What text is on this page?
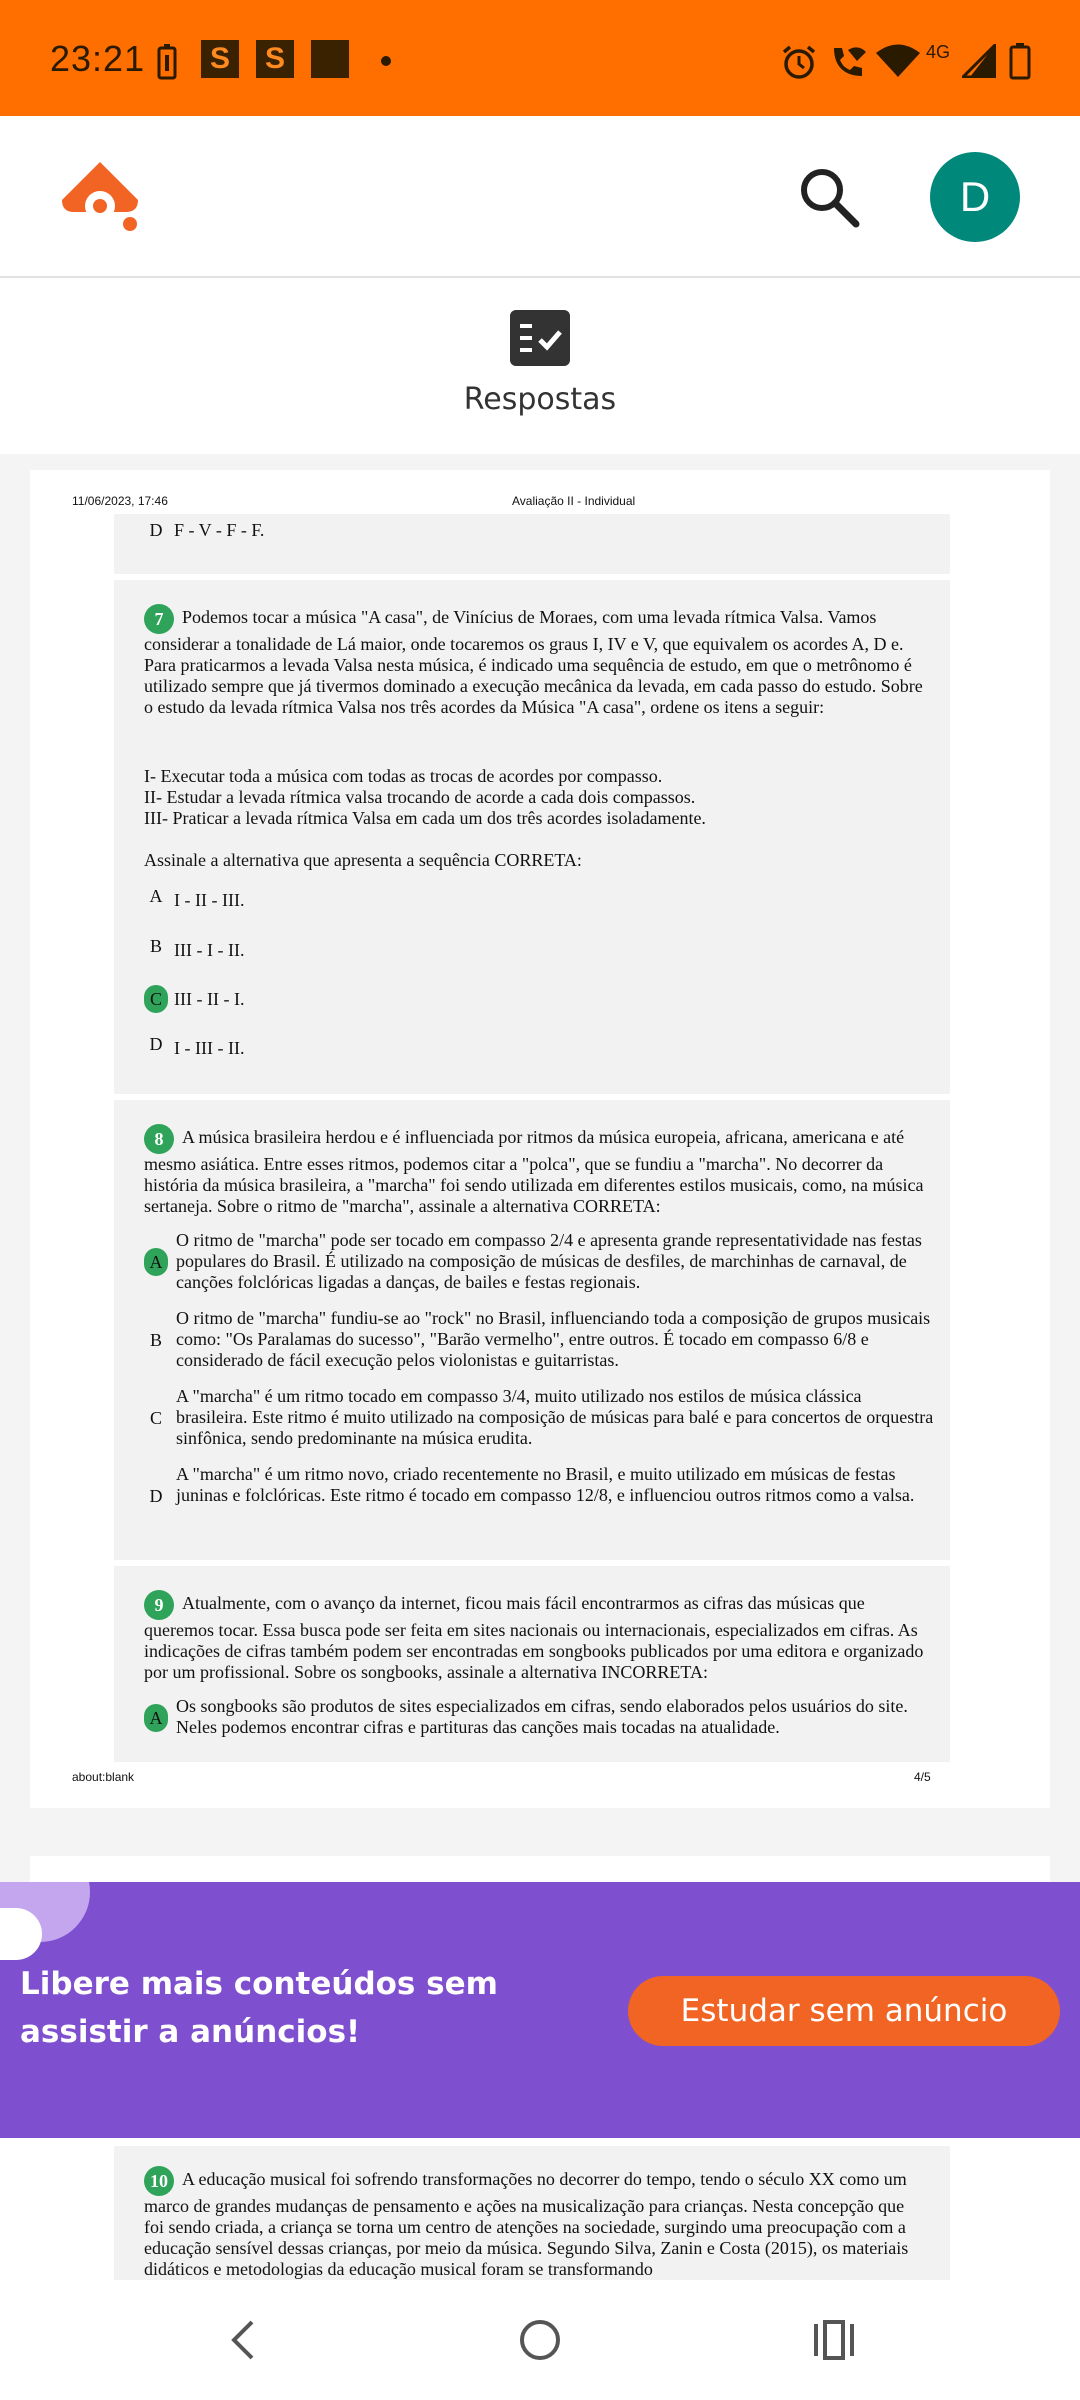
23:21 S	S	4G
D
Respostas
11/06/2023, 17:46	Avaliação II - Individual
D F - V - F - F.
7 Podemos tocar a música "A casa", de Vinícius de Moraes, com uma levada rítmica Valsa. Vamos considerar a tonalidade de Lá maior, onde tocaremos os graus I, IV e V, que equivalem os acordes A, D e. Para praticarmos a levada Valsa nesta música, é indicado uma sequência de estudo, em que o metrônomo é utilizado sempre que já tivermos dominado a execução mecânica da levada, em cada passo do estudo. Sobre o estudo da levada rítmica Valsa nos três acordes da Música "A casa", ordene os itens a seguir:
I- Executar toda a música com todas as trocas de acordes por compasso.
II- Estudar a levada rítmica valsa trocando de acorde a cada dois compassos.
III- Praticar a levada rítmica Valsa em cada um dos três acordes isoladamente.
Assinale a alternativa que apresenta a sequência CORRETA:
A I - II - III.
B III - I - II.
C III - II - I.
D I - III - II.
8 A música brasileira herdou e é influenciada por ritmos da música europeia, africana, americana e até mesmo asiática. Entre esses ritmos, podemos citar a "polca", que se fundiu a "marcha". No decorrer da história da música brasileira, a "marcha" foi sendo utilizada em diferentes estilos musicais, como, na música sertaneja. Sobre o ritmo de "marcha", assinale a alternativa CORRETA:
A
O ritmo de "marcha" pode ser tocado em compasso 2/4 e apresenta grande representatividade nas festas populares do Brasil. É utilizado na composição de músicas de desfiles, de marchinhas de carnaval, de canções folclóricas ligadas a danças, de bailes e festas regionais.
B
O ritmo de "marcha" fundiu-se ao "rock" no Brasil, influenciando toda a composição de grupos musicais como: "Os Paralamas do sucesso", "Barão vermelho", entre outros. É tocado em compasso 6/8 e considerado de fácil execução pelos violonistas e guitarristas.
C
A "marcha" é um ritmo tocado em compasso 3/4, muito utilizado nos estilos de música clássica brasileira. Este ritmo é muito utilizado na composição de músicas para balé e para concertos de orquestra sinfônica, sendo predominante na música erudita.
D
A "marcha" é um ritmo novo, criado recentemente no Brasil, e muito utilizado em músicas de festas juninas e folclóricas. Este ritmo é tocado em compasso 12/8, e influenciou outros ritmos como a valsa.
9 Atualmente, com o avanço da internet, ficou mais fácil encontrarmos as cifras das músicas que queremos tocar. Essa busca pode ser feita em sites nacionais ou internacionais, especializados em cifras. As indicações de cifras também podem ser encontradas em songbooks publicados por uma editora e organizado por um profissional. Sobre os songbooks, assinale a alternativa INCORRETA:
A
Os songbooks são produtos de sites especializados em cifras, sendo elaborados pelos usuários do site. Neles podemos encontrar cifras e partituras das canções mais tocadas na atualidade.
about:blank	4/5
10 A educação musical foi sofrendo transformações no decorrer do tempo, tendo o século XX como um marco de grandes mudanças de pensamento e ações na musicalização para crianças. Nesta concepção que foi sendo criada, a criança se torna um centro de atenções na sociedade, surgindo uma preocupação com a educação sensível dessas crianças, por meio da música. Segundo Silva, Zanin e Costa (2015), os materiais didáticos e metodologias da educação musical foram se transformando
Libere mais conteúdos sem assistir a anúncios!
Estudar sem anúncio
